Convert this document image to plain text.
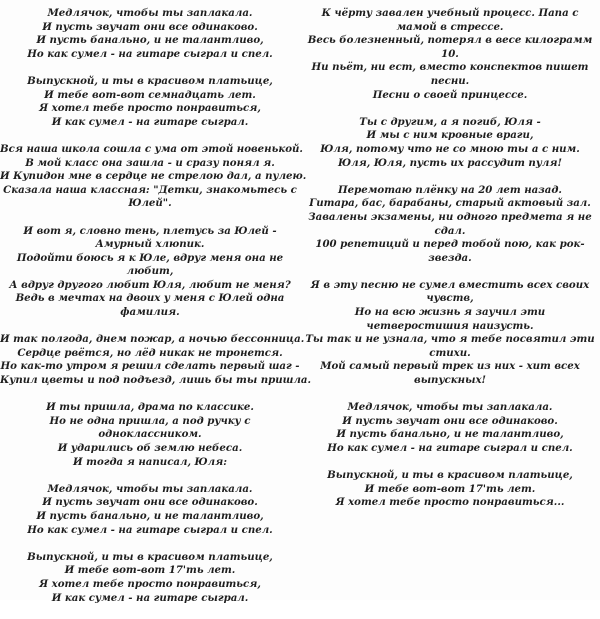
Медлячок, чтобы ты заплакала.
И пусть звучат они все одинаково.
И пусть банально, и не талантливо,
Но как сумел - на гитаре сыграл и спел.
Выпускной, и ты в красивом платьице,
И тебе вот-вот семнадцать лет.
Я хотел тебе просто понравиться,
И как сумел - на гитаре сыграл.
Вся наша школа сошла с ума от этой новенькой.
В мой класс она зашла - и сразу понял я.
И Купидон мне в сердце не стрелою дал, а пулею.
Сказала наша классная: "Детки, знакомьтесь с
Юлей".
И вот я, словно тень, плетусь за Юлей -
Амурный хлюпик.
Подойти боюсь я к Юле, вдруг меня она не
любит,
А вдруг другого любит Юля, любит не меня?
Ведь в мечтах на двоих у меня с Юлей одна
фамилия.
И так полгода, днем пожар, а ночью бессонница.
Сердце рвётся, но лёд никак не тронется.
Но как-то утром я решил сделать первый шаг -
Купил цветы и под подъезд, лишь бы ты пришла.
И ты пришла, драма по классике.
Но не одна пришла, а под ручку с
одноклассником.
И ударились об землю небеса.
И тогда я написал, Юля:
Медлячок, чтобы ты заплакала.
И пусть звучат они все одинаково.
И пусть банально, и не талантливо,
Но как сумел - на гитаре сыграл и спел.
Выпускной, и ты в красивом платьице,
И тебе вот-вот 17'ть лет.
Я хотел тебе просто понравиться,
И как сумел - на гитаре сыграл.
К чёрту завален учебный процесс. Папа с
мамой в стрессе.
Весь болезненный, потерял в весе килограмм
10.
Ни пьёт, ни ест, вместо конспектов пишет
песни.
Песни о своей принцессе.
Ты с другим, а я погиб, Юля -
И мы с ним кровные враги,
Юля, потому что не со мною ты а с ним.
Юля, Юля, пусть их рассудит пуля!
Перемотаю плёнку на 20 лет назад.
Гитара, бас, барабаны, старый актовый зал.
Завалены экзамены, ни одного предмета я не
сдал.
100 репетиций и перед тобой пою, как рок-
звезда.
Я в эту песню не сумел вместить всех своих
чувств,
Но на всю жизнь я заучил эти
четверостишия наизусть.
Ты так и не узнала, что я тебе посвятил эти
стихи.
Мой самый первый трек из них - хит всех
выпускных!
Медлячок, чтобы ты заплакала.
И пусть звучат они все одинаково.
И пусть банально, и не талантливо,
Но как сумел - на гитаре сыграл и спел.
Выпускной, и ты в красивом платьице,
И тебе вот-вот 17'ть лет.
Я хотел тебе просто понравиться...
